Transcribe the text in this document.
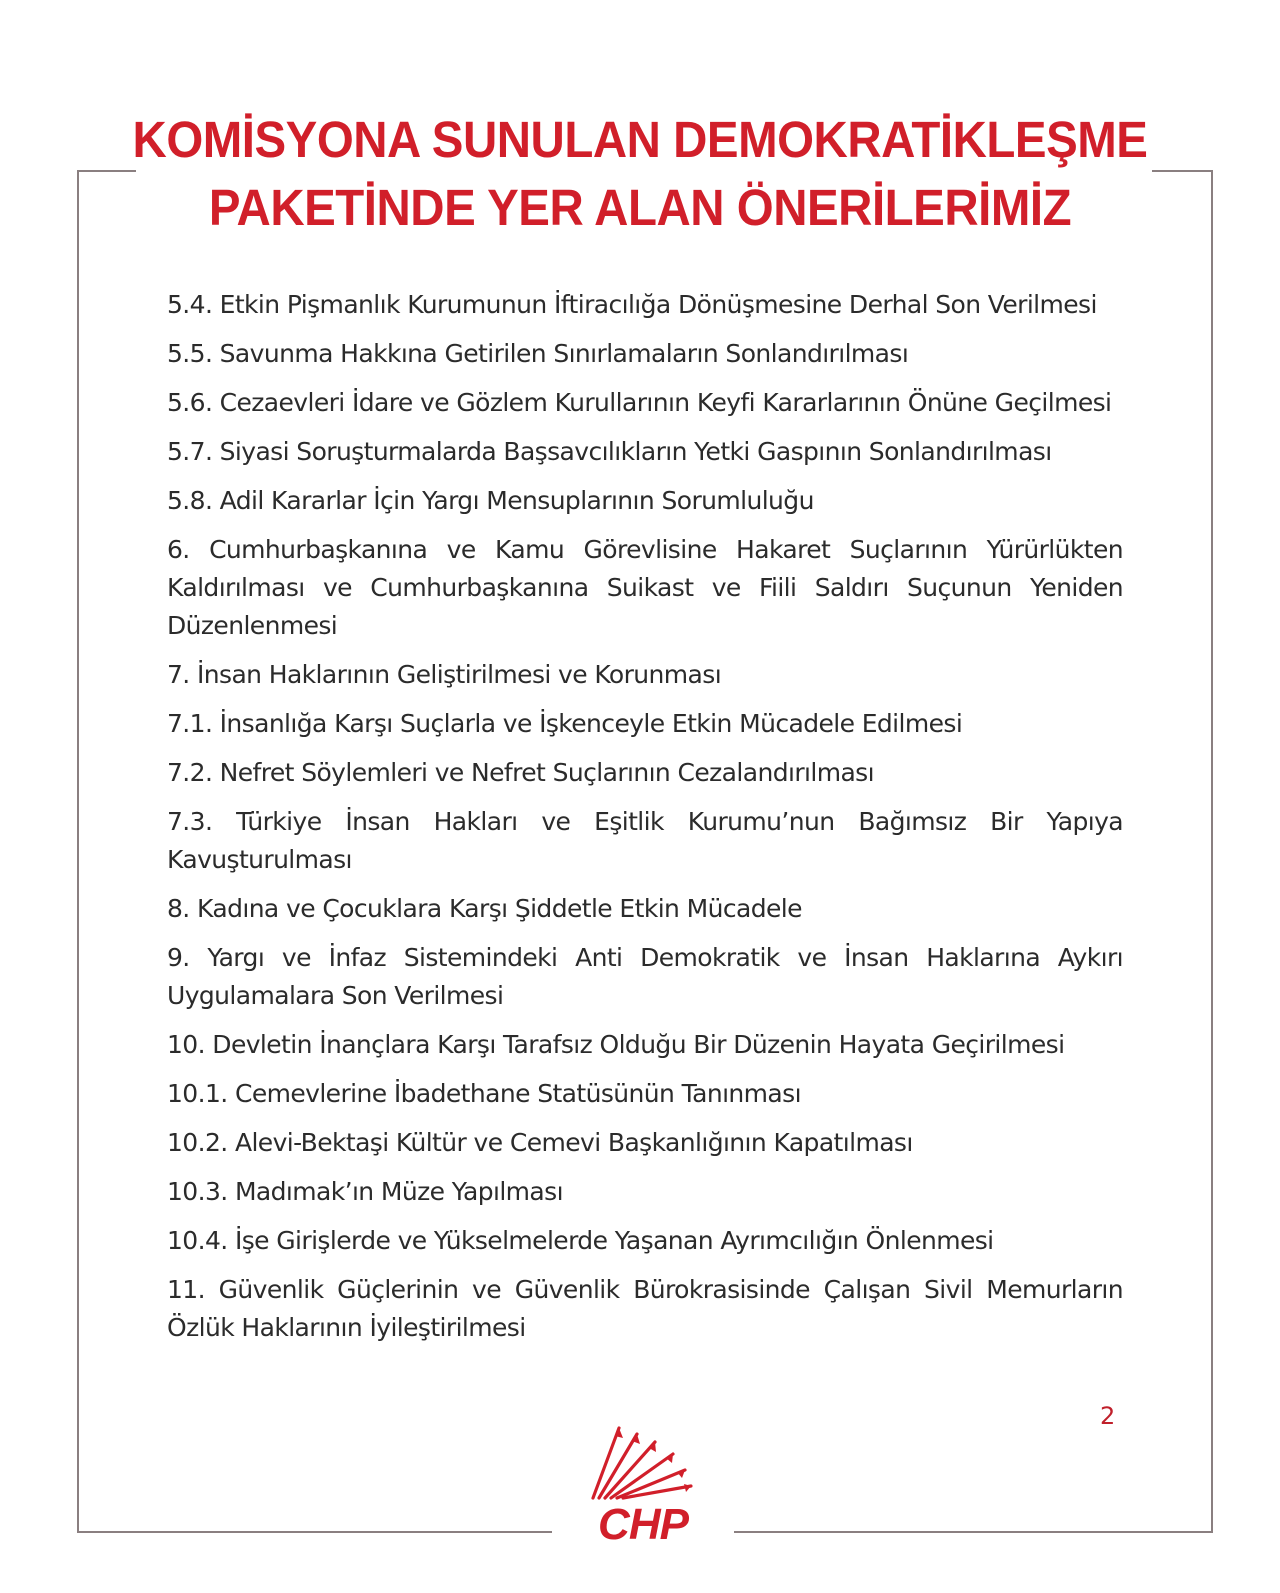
KOMİSYONA SUNULAN DEMOKRATİKLEŞME
PAKETİNDE YER ALAN ÖNERİLERİMİZ
5.4. Etkin Pişmanlık Kurumunun İftiracılığa Dönüşmesine Derhal Son Verilmesi
5.5. Savunma Hakkına Getirilen Sınırlamaların Sonlandırılması
5.6. Cezaevleri İdare ve Gözlem Kurullarının Keyfi Kararlarının Önüne Geçilmesi
5.7. Siyasi Soruşturmalarda Başsavcılıkların Yetki Gaspının Sonlandırılması
5.8. Adil Kararlar İçin Yargı Mensuplarının Sorumluluğu
6. Cumhurbaşkanına ve Kamu Görevlisine Hakaret Suçlarının Yürürlükten Kaldırılması ve Cumhurbaşkanına Suikast ve Fiili Saldırı Suçunun Yeniden Düzenlenmesi
7. İnsan Haklarının Geliştirilmesi ve Korunması
7.1. İnsanlığa Karşı Suçlarla ve İşkenceyle Etkin Mücadele Edilmesi
7.2. Nefret Söylemleri ve Nefret Suçlarının Cezalandırılması
7.3. Türkiye İnsan Hakları ve Eşitlik Kurumu’nun Bağımsız Bir Yapıya Kavuşturulması
8. Kadına ve Çocuklara Karşı Şiddetle Etkin Mücadele
9. Yargı ve İnfaz Sistemindeki Anti Demokratik ve İnsan Haklarına Aykırı Uygulamalara Son Verilmesi
10. Devletin İnançlara Karşı Tarafsız Olduğu Bir Düzenin Hayata Geçirilmesi
10.1. Cemevlerine İbadethane Statüsünün Tanınması
10.2. Alevi-Bektaşi Kültür ve Cemevi Başkanlığının Kapatılması
10.3. Madımak’ın Müze Yapılması
10.4. İşe Girişlerde ve Yükselmelerde Yaşanan Ayrımcılığın Önlenmesi
11. Güvenlik Güçlerinin ve Güvenlik Bürokrasisinde Çalışan Sivil Memurların Özlük Haklarının İyileştirilmesi
2
CHP
